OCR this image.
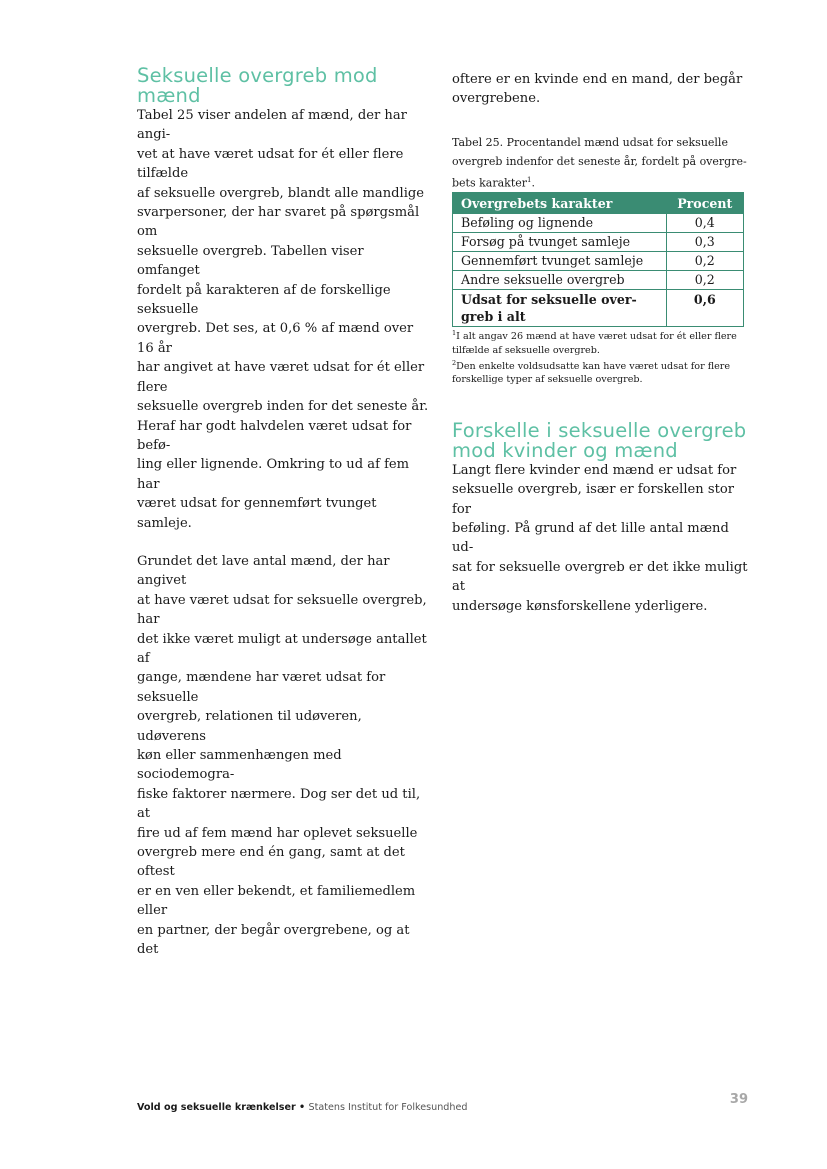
Seksuelle overgreb mod
mænd

Tabel 25 viser andelen af mænd, der har angi-
vet at have været udsat for ét eller flere tilfælde
af seksuelle overgreb, blandt alle mandlige
svarpersoner, der har svaret på spørgsmål om
seksuelle overgreb. Tabellen viser omfanget
fordelt på karakteren af de forskellige seksuelle
overgreb. Det ses, at 0,6 % af mænd over 16 år
har angivet at have været udsat for ét eller flere
seksuelle overgreb inden for det seneste år.
Heraf har godt halvdelen været udsat for befø-
ling eller lignende. Omkring to ud af fem har
været udsat for gennemført tvunget samleje.

Grundet det lave antal mænd, der har angivet
at have været udsat for seksuelle overgreb, har
det ikke været muligt at undersøge antallet af
gange, mændene har været udsat for seksuelle
overgreb, relationen til udøveren, udøverens
køn eller sammenhængen med sociodemogra-
fiske faktorer nærmere. Dog ser det ud til, at
fire ud af fem mænd har oplevet seksuelle
overgreb mere end én gang, samt at det oftest
er en ven eller bekendt, et familiemedlem eller
en partner, der begår overgrebene, og at det

oftere er en kvinde end en mand, der begår
overgrebene.

Tabel 25. Procentandel mænd udsat for seksuelle
overgreb indenfor det seneste år, fordelt på overgre-
bets karakter$^1$.

Overgrebets karakter	Procent
Beføling og lignende	0,4
Forsøg på tvunget samleje	0,3
Gennemført tvunget samleje	0,2
Andre seksuelle overgreb	0,2
Udsat for seksuelle over-
greb i alt	0,6

$^1$I alt angav 26 mænd at have været udsat for ét eller flere
tilfælde af seksuelle overgreb.

$^2$Den enkelte voldsudsatte kan have været udsat for flere
forskellige typer af seksuelle overgreb.

Forskelle i seksuelle overgreb
mod kvinder og mænd

Langt flere kvinder end mænd er udsat for
seksuelle overgreb, især er forskellen stor for
beføling. På grund af det lille antal mænd ud-
sat for seksuelle overgreb er det ikke muligt at
undersøge kønsforskellene yderligere.

Vold og seksuelle krænkelser • Statens Institut for Folkesundhed
39
